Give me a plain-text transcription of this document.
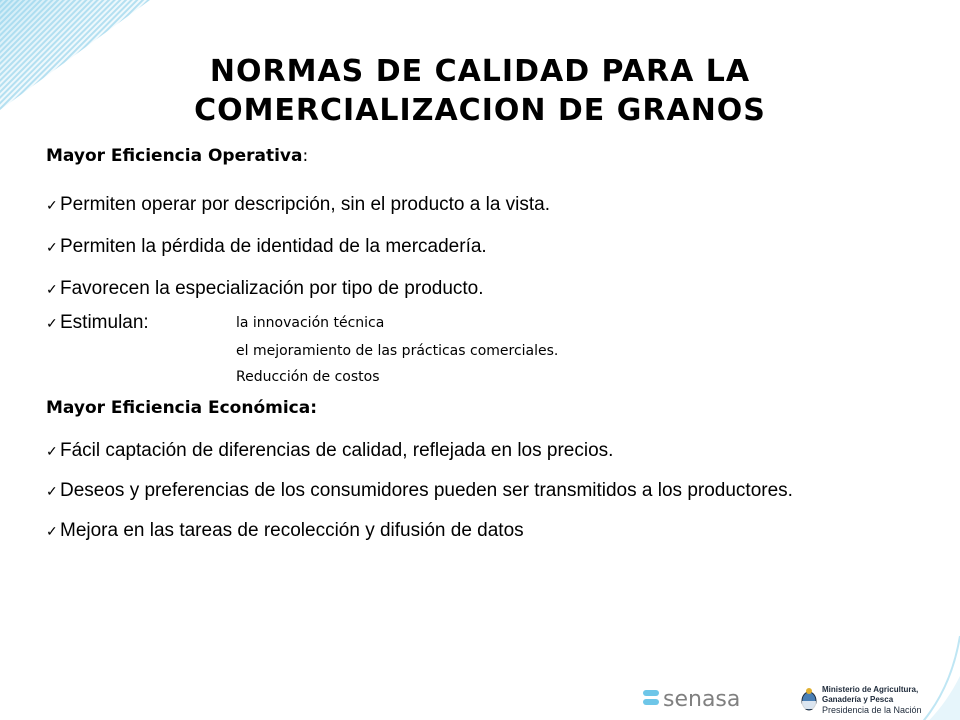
NORMAS DE CALIDAD PARA LA
COMERCIALIZACION DE GRANOS
Mayor Eficiencia Operativa:
✓ Permiten operar por descripción, sin el producto a la vista.
✓ Permiten la pérdida de identidad de la mercadería.
✓ Favorecen la especialización por tipo de producto.
✓ Estimulan:	la innovación técnica
el mejoramiento de las prácticas comerciales.
Reducción de costos
Mayor Eficiencia Económica:
✓ Fácil captación de diferencias de calidad, reflejada en los precios.
✓ Deseos y preferencias de los consumidores pueden ser transmitidos a los productores.
✓ Mejora en las tareas de recolección y difusión de datos
senasa	Ministerio de Agricultura,
Ganadería y Pesca
Presidencia de la Nación
